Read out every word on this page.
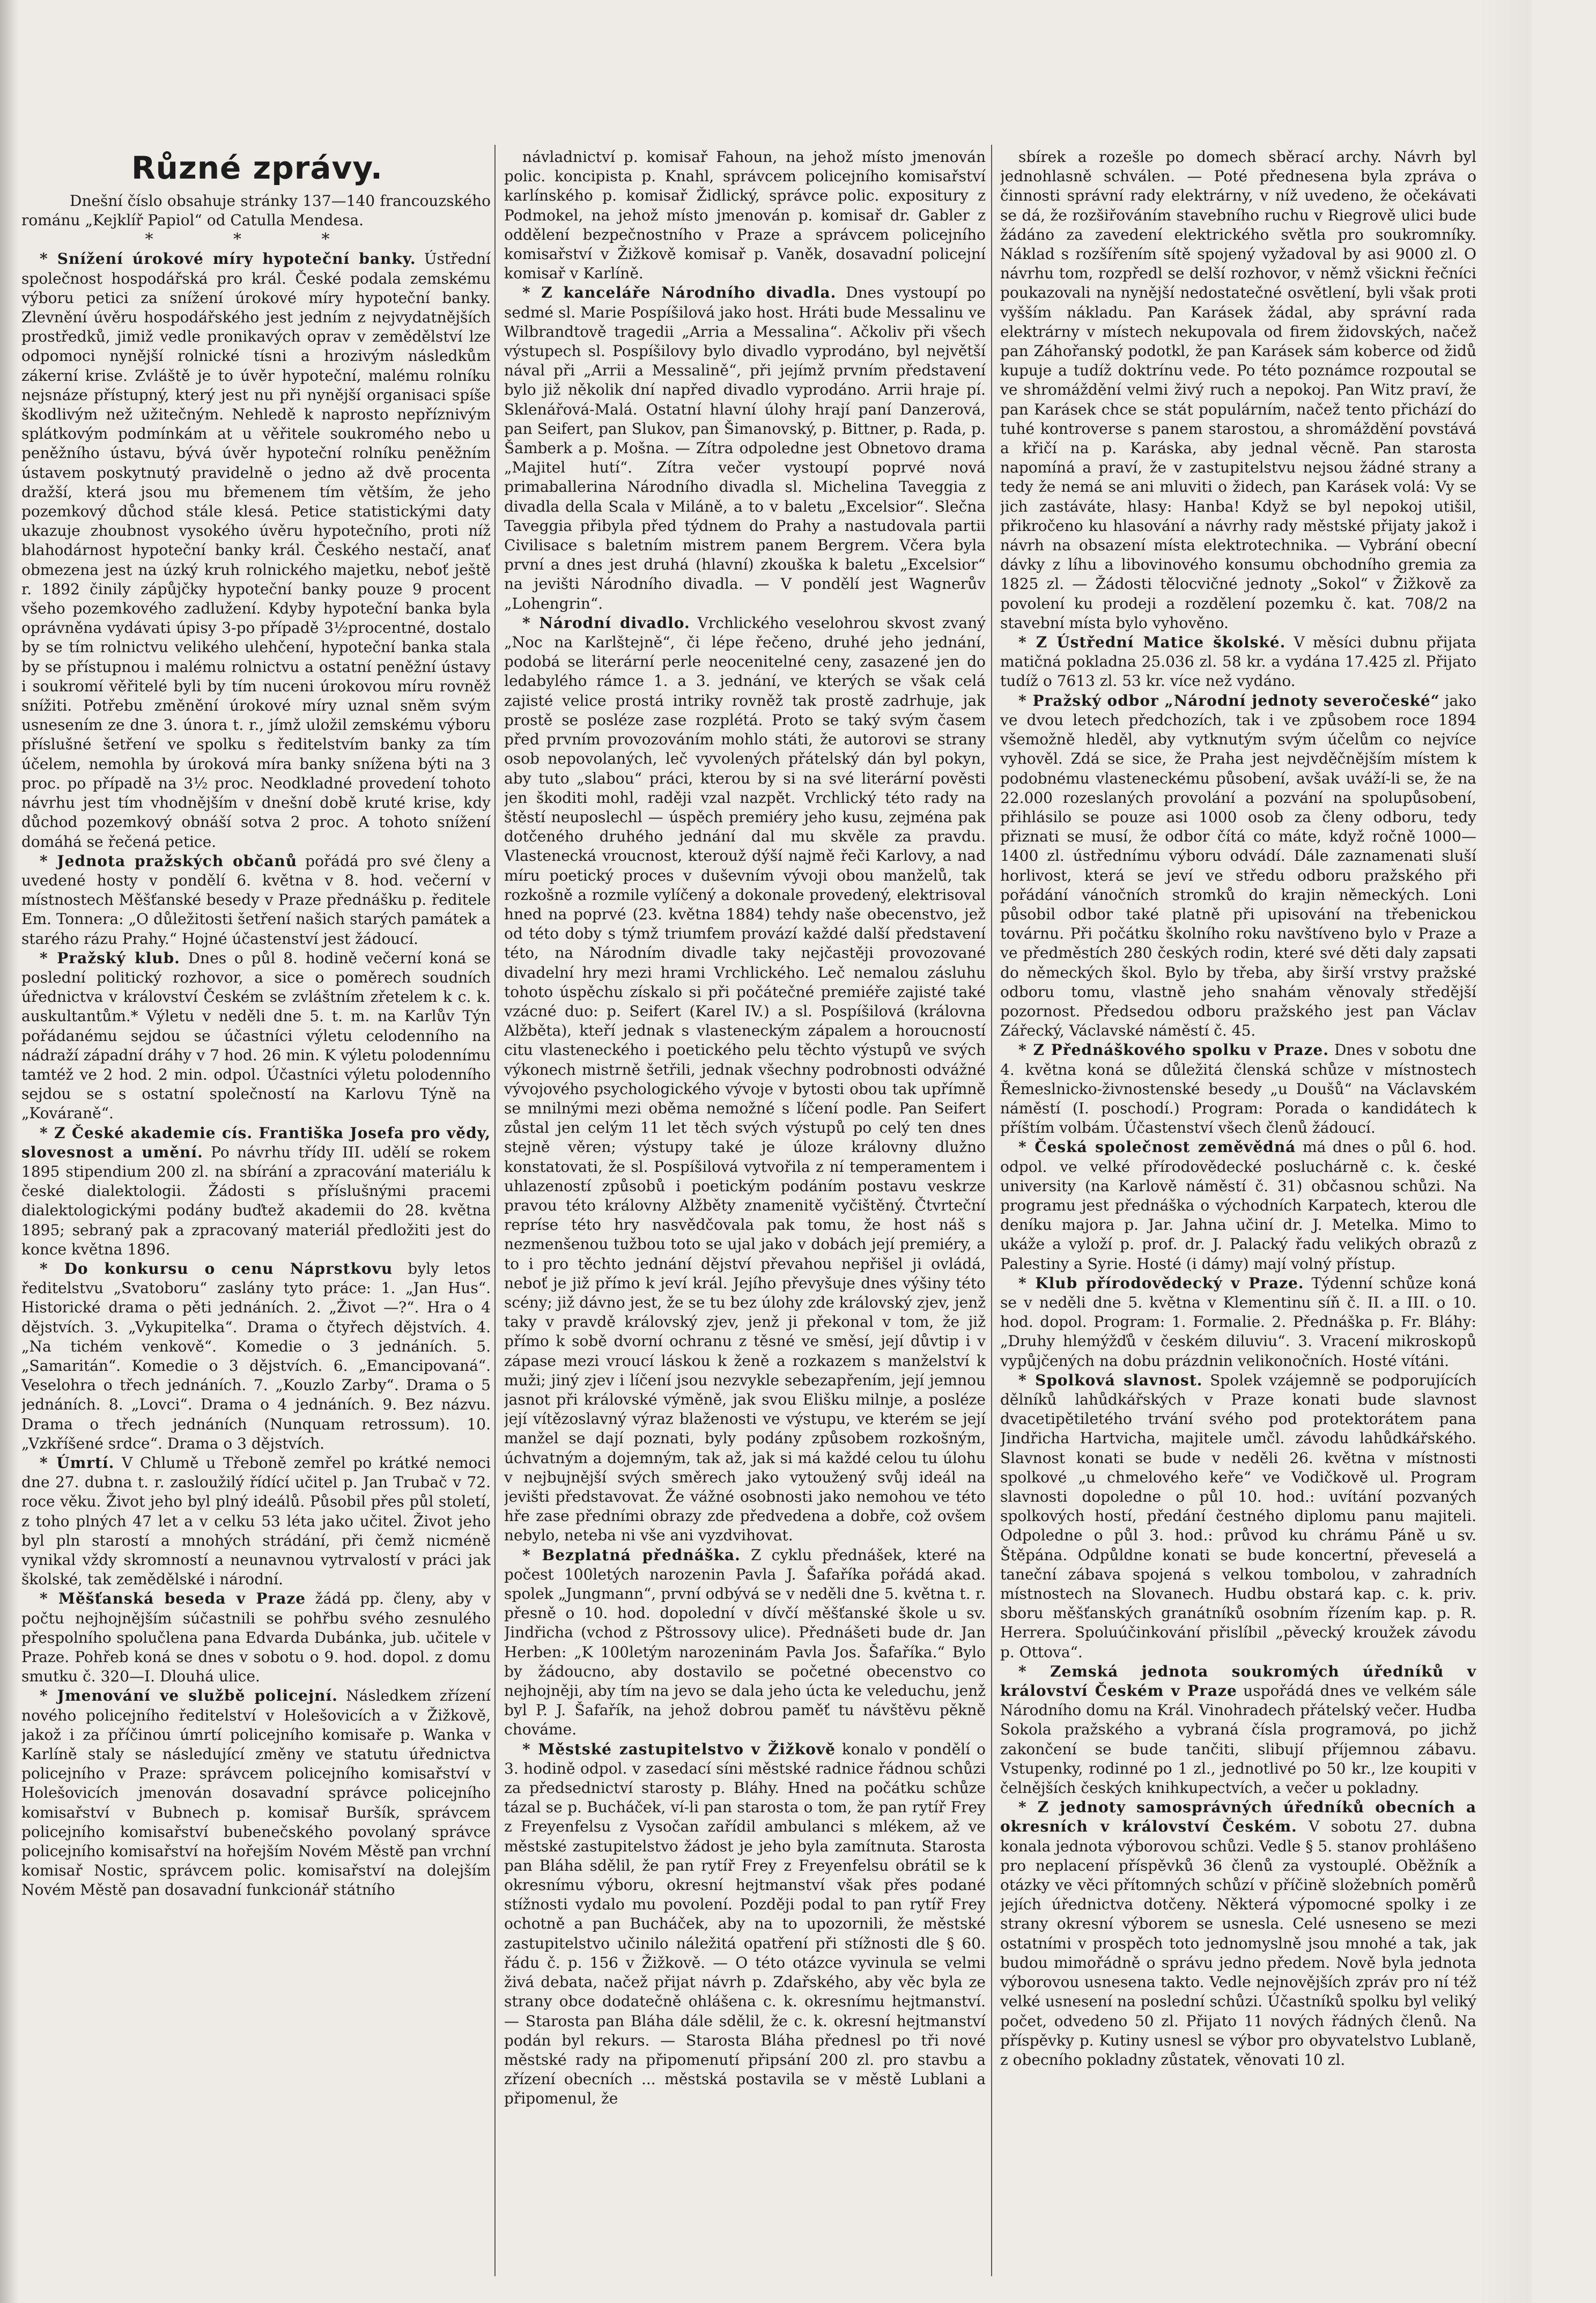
Různé zprávy.

Dnešní číslo obsahuje stránky 137—140 francouzského románu „Kejklíř Papiol“ od Catulla Mendesa.

* * *

* Snížení úrokové míry hypoteční banky. Ústřední společnost hospodářská pro král. České podala zemskému výboru petici za snížení úrokové míry hypoteční banky. Zlevnění úvěru hospodářského jest jedním z nejvydatnějších prostředků, jimiž vedle pronikavých oprav v zemědělství lze odpomoci nynější rolnické tísni a hrozivým následkům zákerní krise. Zvláště je to úvěr hypoteční, malému rolníku nejsnáze přístupný, který jest nu při nynější organisaci spíše škodlivým než užitečným. Nehledě k naprosto nepříznivým splátkovým podmínkám at u věřitele soukromého nebo u peněžního ústavu, bývá úvěr hypoteční rolníku peněžním ústavem poskytnutý pravidelně o jedno až dvě procenta dražší, která jsou mu břemenem tím větším, že jeho pozemkový důchod stále klesá. Petice statistickými daty ukazuje zhoubnost vysokého úvěru hypotečního, proti níž blahodárnost hypoteční banky král. Českého nestačí, anať obmezena jest na úzký kruh rolnického majetku, neboť ještě r. 1892 činily zápůjčky hypoteční banky pouze 9 procent všeho pozemkového zadlužení. Kdyby hypoteční banka byla oprávněna vydávati úpisy 3-po případě 3½procentné, dostalo by se tím rolnictvu velikého ulehčení, hypoteční banka stala by se přístupnou i malému rolnictvu a ostatní peněžní ústavy i soukromí věřitelé byli by tím nuceni úrokovou míru rovněž snížiti. Potřebu změnění úrokové míry uznal sněm svým usnesením ze dne 3. února t. r., jímž uložil zemskému výboru příslušné šetření ve spolku s ředitelstvím banky za tím účelem, nemohla by úroková míra banky snížena býti na 3 proc. po případě na 3½ proc. Neodkladné provedení tohoto návrhu jest tím vhodnějším v dnešní době kruté krise, kdy důchod pozemkový obnáší sotva 2 proc. A tohoto snížení domáhá se řečená petice.

* Jednota pražských občanů pořádá pro své členy a uvedené hosty v pondělí 6. května v 8. hod. večerní v místnostech Měšťanské besedy v Praze přednášku p. ředitele Em. Tonnera: „O důležitosti šetření našich starých památek a starého rázu Prahy.“ Hojné účastenství jest žádoucí.

* Pražský klub. Dnes o půl 8. hodině večerní koná se poslední politický rozhovor, a sice o poměrech soudních úřednictva v království Českém se zvláštním zřetelem k c. k. auskultantům.* Výletu v neděli dne 5. t. m. na Karlův Týn pořádanému sejdou se účastníci výletu celodenního na nádraží západní dráhy v 7 hod. 26 min. K výletu polodennímu tamtéž ve 2 hod. 2 min. odpol. Účastníci výletu polodenního sejdou se s ostatní společností na Karlovu Týně na „Kováraně“.

* Z České akademie cís. Františka Josefa pro vědy, slovesnost a umění. Po návrhu třídy III. udělí se rokem 1895 stipendium 200 zl. na sbírání a zpracování materiálu k české dialektologii. Žádosti s příslušnými pracemi dialektologickými podány buďtež akademii do 28. května 1895; sebraný pak a zpracovaný materiál předložiti jest do konce května 1896.

* Do konkursu o cenu Náprstkovu byly letos ředitelstvu „Svatoboru“ zaslány tyto práce: 1. „Jan Hus“. Historické drama o pěti jednáních. 2. „Život —?“. Hra o 4 dějstvích. 3. „Vykupitelka“. Drama o čtyřech dějstvích. 4. „Na tichém venkově“. Komedie o 3 jednáních. 5. „Samaritán“. Komedie o 3 dějstvích. 6. „Emancipovaná“. Veselohra o třech jednáních. 7. „Kouzlo Zarby“. Drama o 5 jednáních. 8. „Lovci“. Drama o 4 jednáních. 9. Bez názvu. Drama o třech jednáních (Nunquam retrossum). 10. „Vzkříšené srdce“. Drama o 3 dějstvích.

* Úmrtí. V Chlumě u Třeboně zemřel po krátké nemoci dne 27. dubna t. r. zasloužilý řídící učitel p. Jan Trubač v 72. roce věku. Život jeho byl plný ideálů. Působil přes půl století, z toho plných 47 let a v celku 53 léta jako učitel. Život jeho byl pln starostí a mnohých strádání, při čemž nicméně vynikal vždy skromností a neunavnou vytrvalostí v práci jak školské, tak zemědělské i národní.

* Měšťanská beseda v Praze žádá pp. členy, aby v počtu nejhojnějším súčastnili se pohřbu svého zesnulého přespolního spolučlena pana Edvarda Dubánka, jub. učitele v Praze. Pohřeb koná se dnes v sobotu o 9. hod. dopol. z domu smutku č. 320—I. Dlouhá ulice.

* Jmenování ve službě policejní. Následkem zřízení nového policejního ředitelství v Holešovicích a v Žižkově, jakož i za příčinou úmrtí policejního komisaře p. Wanka v Karlíně staly se následující změny ve statutu úřednictva policejního v Praze: správcem policejního komisařství v Holešovicích jmenován dosavadní správce policejního komisařství v Bubnech p. komisař Buršík, správcem policejního komisařství bubenečského povolaný správce policejního komisařství na hořejším Novém Městě pan vrchní komisař Nostic, správcem polic. komisařství na dolejším Novém Městě pan dosavadní funkcionář státního

návladnictví p. komisař Fahoun, na jehož místo jmenován polic. koncipista p. Knahl, správcem policejního komisařství karlínského p. komisař Židlický, správce polic. expositury z Podmokel, na jehož místo jmenován p. komisař dr. Gabler z oddělení bezpečnostního v Praze a správcem policejního komisařství v Žižkově komisař p. Vaněk, dosavadní policejní komisař v Karlíně.

* Z kanceláře Národního divadla. Dnes vystoupí po sedmé sl. Marie Pospíšilová jako host. Hráti bude Messalinu ve Wilbrandtově tragedii „Arria a Messalina“. Ačkoliv při všech výstupech sl. Pospíšilovy bylo divadlo vyprodáno, byl největší nával při „Arrii a Messalině“, při jejímž prvním představení bylo již několik dní napřed divadlo vyprodáno. Arrii hraje pí. Sklenářová-Malá. Ostatní hlavní úlohy hrají paní Danzerová, pan Seifert, pan Slukov, pan Šimanovský, p. Bittner, p. Rada, p. Šamberk a p. Mošna. — Zítra odpoledne jest Obnetovo drama „Majitel hutí“. Zítra večer vystoupí poprvé nová primaballerina Národního divadla sl. Michelina Taveggia z divadla della Scala v Miláně, a to v baletu „Excelsior“. Slečna Taveggia přibyla před týdnem do Prahy a nastudovala partii Civilisace s baletním mistrem panem Bergrem. Včera byla první a dnes jest druhá (hlavní) zkouška k baletu „Excelsior“ na jevišti Národního divadla. — V pondělí jest Wagnerův „Lohengrin“.

* Národní divadlo. Vrchlického veselohrou skvost zvaný „Noc na Karlštejně“, či lépe řečeno, druhé jeho jednání, podobá se literární perle neocenitelné ceny, zasazené jen do ledabylého rámce 1. a 3. jednání, ve kterých se však celá zajisté velice prostá intriky rovněž tak prostě zadrhuje, jak prostě se posléze zase rozplétá. Proto se taký svým časem před prvním provozováním mohlo státi, že autorovi se strany osob nepovolaných, leč vyvolených přátelský dán byl pokyn, aby tuto „slabou“ práci, kterou by si na své literární pověsti jen škoditi mohl, raději vzal nazpět. Vrchlický této rady na štěstí neuposlechl — úspěch premiéry jeho kusu, zejména pak dotčeného druhého jednání dal mu skvěle za pravdu. Vlastenecká vroucnost, kterouž dýší najmě řeči Karlovy, a nad míru poetický proces v duševním vývoji obou manželů, tak rozkošně a rozmile vylíčený a dokonale provedený, elektrisoval hned na poprvé (23. května 1884) tehdy naše obecenstvo, jež od této doby s týmž triumfem provází každé další představení této, na Národním divadle taky nejčastěji provozované divadelní hry mezi hrami Vrchlického. Leč nemalou zásluhu tohoto úspěchu získalo si při počátečné premiéře zajisté také vzácné duo: p. Seifert (Karel IV.) a sl. Pospíšilová (královna Alžběta), kteří jednak s vlasteneckým zápalem a horoucností citu vlasteneckého i poetického pelu těchto výstupů ve svých výkonech mistrně šetřili, jednak všechny podrobnosti odvážné vývojového psychologického vývoje v bytosti obou tak upřímně se mnilnými mezi oběma nemožné s líčení podle. Pan Seifert zůstal jen celým 11 let těch svých výstupů po celý ten dnes stejně věren; výstupy také je úloze královny dlužno konstatovati, že sl. Pospíšilová vytvořila z ní temperamentem i uhlazeností způsobů i poetickým podáním postavu veskrze pravou této královny Alžběty znamenitě vyčištěný. Čtvrteční repríse této hry nasvědčovala pak tomu, že host náš s nezmenšenou tužbou toto se ujal jako v dobách její premiéry, a to i pro těchto jednání dějství převahou nepřišel ji ovládá, neboť je již přímo k jeví král. Jejího převyšuje dnes výšiny této scény; již dávno jest, že se tu bez úlohy zde královský zjev, jenž taky v pravdě královský zjev, jenž ji překonal v tom, že již přímo k sobě dvorní ochranu z těsné ve směsí, její důvtip i v zápase mezi vroucí láskou k ženě a rozkazem s manželství k muži; jiný zjev i líčení jsou nezvykle sebezapřením, její jemnou jasnot při královské výměně, jak svou Elišku milnje, a posléze její vítězoslavný výraz blaženosti ve výstupu, ve kterém se její manžel se dají poznati, byly podány způsobem rozkošným, úchvatným a dojemným, tak až, jak si má každé celou tu úlohu v nejbujnější svých směrech jako vytoužený svůj ideál na jevišti představovat. Že vážné osobnosti jako nemohou ve této hře zase předními obrazy zde předvedena a dobře, což ovšem nebylo, neteba ni vše ani vyzdvihovat.

* Bezplatná přednáška. Z cyklu přednášek, které na počest 100letých narozenin Pavla J. Šafaříka pořádá akad. spolek „Jungmann“, první odbývá se v neděli dne 5. května t. r. přesně o 10. hod. dopolední v dívčí měšťanské škole u sv. Jindřicha (vchod z Pštrossovy ulice). Přednášeti bude dr. Jan Herben: „K 100letým narozeninám Pavla Jos. Šafaříka.“ Bylo by žádoucno, aby dostavilo se početné obecenstvo co nejhojněji, aby tím na jevo se dala jeho úcta ke veleduchu, jenž byl P. J. Šafařík, na jehož dobrou paměť tu návštěvu pěkně chováme.

* Městské zastupitelstvo v Žižkově konalo v pondělí o 3. hodině odpol. v zasedací síni městské radnice řádnou schůzi za předsednictví starosty p. Bláhy. Hned na počátku schůze tázal se p. Bucháček, ví-li pan starosta o tom, že pan rytíř Frey z Freyenfelsu z Vysočan zařídil ambulanci s mlékem, až ve městské zastupitelstvo žádost je jeho byla zamítnuta. Starosta pan Bláha sdělil, že pan rytíř Frey z Freyenfelsu obrátil se k okresnímu výboru, okresní hejtmanství však přes podané stížnosti vydalo mu povolení. Později podal to pan rytíř Frey ochotně a pan Bucháček, aby na to upozornili, že městské zastupitelstvo učinilo náležitá opatření při stížnosti dle § 60. řádu č. p. 156 v Žižkově. — O této otázce vyvinula se velmi živá debata, načež přijat návrh p. Zdařského, aby věc byla ze strany obce dodatečně ohlášena c. k. okresnímu hejtmanství. — Starosta pan Bláha dále sdělil, že c. k. okresní hejtmanství podán byl rekurs. — Starosta Bláha přednesl po tři nové městské rady na připomenutí připsání 200 zl. pro stavbu a zřízení obecních ... městská postavila se v městě Lublani a připomenul, že

sbírek a rozešle po domech sběrací archy. Návrh byl jednohlasně schválen. — Poté přednesena byla zpráva o činnosti správní rady elektrárny, v níž uvedeno, že očekávati se dá, že rozšiřováním stavebního ruchu v Riegrově ulici bude žádáno za zavedení elektrického světla pro soukromníky. Náklad s rozšířením sítě spojený vyžadoval by asi 9000 zl. O návrhu tom, rozpředl se delší rozhovor, v němž všickni řečníci poukazovali na nynější nedostatečné osvětlení, byli však proti vyšším nákladu. Pan Karásek žádal, aby správní rada elektrárny v místech nekupovala od firem židovských, načež pan Záhořanský podotkl, že pan Karásek sám koberce od židů kupuje a tudíž doktrínu vede. Po této poznámce rozpoutal se ve shromáždění velmi živý ruch a nepokoj. Pan Witz praví, že pan Karásek chce se stát populárním, načež tento přichází do tuhé kontroverse s panem starostou, a shromáždění povstává a křičí na p. Karáska, aby jednal věcně. Pan starosta napomíná a praví, že v zastupitelstvu nejsou žádné strany a tedy že nemá se ani mluviti o židech, pan Karásek volá: Vy se jich zastáváte, hlasy: Hanba! Když se byl nepokoj utišil, přikročeno ku hlasování a návrhy rady městské přijaty jakož i návrh na obsazení místa elektrotechnika. — Vybrání obecní dávky z líhu a libovinového konsumu obchodního gremia za 1825 zl. — Žádosti tělocvičné jednoty „Sokol“ v Žižkově za povolení ku prodeji a rozdělení pozemku č. kat. 708/2 na stavební místa bylo vyhověno.

* Z Ústřední Matice školské. V měsíci dubnu přijata matičná pokladna 25.036 zl. 58 kr. a vydána 17.425 zl. Přijato tudíž o 7613 zl. 53 kr. více než vydáno.

* Pražský odbor „Národní jednoty severočeské“ jako ve dvou letech předchozích, tak i ve způsobem roce 1894 všemožně hleděl, aby vytknutým svým účelům co nejvíce vyhověl. Zdá se sice, že Praha jest nejvděčnějším místem k podobnému vlasteneckému působení, avšak uváží-li se, že na 22.000 rozeslaných provolání a pozvání na spolupůsobení, přihlásilo se pouze asi 1000 osob za členy odboru, tedy přiznati se musí, že odbor čítá co máte, když ročně 1000—1400 zl. ústřednímu výboru odvádí. Dále zaznamenati sluší horlivost, která se jeví ve středu odboru pražského při pořádání vánočních stromků do krajin německých. Loni působil odbor také platně při upisování na třebenickou továrnu. Při počátku školního roku navštíveno bylo v Praze a ve předměstích 280 českých rodin, které své děti daly zapsati do německých škol. Bylo by třeba, aby širší vrstvy pražské odboru tomu, vlastně jeho snahám věnovaly středější pozornost. Předsedou odboru pražského jest pan Václav Zářecký, Václavské náměstí č. 45.

* Z Přednáškového spolku v Praze. Dnes v sobotu dne 4. května koná se důležitá členská schůze v místnostech Řemeslnicko-živnostenské besedy „u Doušů“ na Václavském náměstí (I. poschodí.) Program: Porada o kandidátech k příštím volbám. Účastenství všech členů žádoucí.

* Česká společnost zeměvědná má dnes o půl 6. hod. odpol. ve velké přírodovědecké posluchárně c. k. české university (na Karlově náměstí č. 31) občasnou schůzi. Na programu jest přednáška o východních Karpatech, kterou dle deníku majora p. Jar. Jahna učiní dr. J. Metelka. Mimo to ukáže a vyloží p. prof. dr. J. Palacký řadu velikých obrazů z Palestiny a Syrie. Hosté (i dámy) mají volný přístup.

* Klub přírodovědecký v Praze. Týdenní schůze koná se v neděli dne 5. května v Klementinu síň č. II. a III. o 10. hod. dopol. Program: 1. Formalie. 2. Přednáška p. Fr. Bláhy: „Druhy hlemýžďů v českém diluviu“. 3. Vracení mikroskopů vypůjčených na dobu prázdnin velikonočních. Hosté vítáni.

* Spolková slavnost. Spolek vzájemně se podporujících dělníků lahůdkářských v Praze konati bude slavnost dvacetipětiletého trvání svého pod protektorátem pana Jindřicha Hartvicha, majitele umčl. závodu lahůdkářského. Slavnost konati se bude v neděli 26. května v místnosti spolkové „u chmelového keře“ ve Vodičkově ul. Program slavnosti dopoledne o půl 10. hod.: uvítání pozvaných spolkových hostí, předání čestného diplomu panu majiteli. Odpoledne o půl 3. hod.: průvod ku chrámu Páně u sv. Štěpána. Odpůldne konati se bude koncertní, převeselá a taneční zábava spojená s velkou tombolou, v zahradních místnostech na Slovanech. Hudbu obstará kap. c. k. priv. sboru měšťanských granátníků osobním řízením kap. p. R. Herrera. Spoluúčinkování přislíbil „pěvecký kroužek závodu p. Ottova“.

* Zemská jednota soukromých úředníků v království Českém v Praze uspořádá dnes ve velkém sále Národního domu na Král. Vinohradech přátelský večer. Hudba Sokola pražského a vybraná čísla programová, po jichž zakončení se bude tančiti, slibují příjemnou zábavu. Vstupenky, rodinné po 1 zl., jednotlivé po 50 kr., lze koupiti v čelnějších českých knihkupectvích, a večer u pokladny.

* Z jednoty samosprávných úředníků obecních a okresních v království Českém. V sobotu 27. dubna konala jednota výborovou schůzi. Vedle § 5. stanov prohlášeno pro neplacení příspěvků 36 členů za vystouplé. Oběžník a otázky ve věci přítomných schůzí v příčině složebních poměrů jejích úřednictva dotčeny. Některá výpomocné spolky i ze strany okresní výborem se usnesla. Celé usneseno se mezi ostatními v prospěch toto jednomyslně jsou mnohé a tak, jak budou mimořádně o správu jedno předem. Nově byla jednota výborovou usnesena takto. Vedle nejnovějších zpráv pro ní též velké usnesení na poslední schůzi. Účastníků spolku byl veliký počet, odvedeno 50 zl. Přijato 11 nových řádných členů. Na příspěvky p. Kutiny usnesl se výbor pro obyvatelstvo Lublaně, z obecního pokladny zůstatek, věnovati 10 zl.
